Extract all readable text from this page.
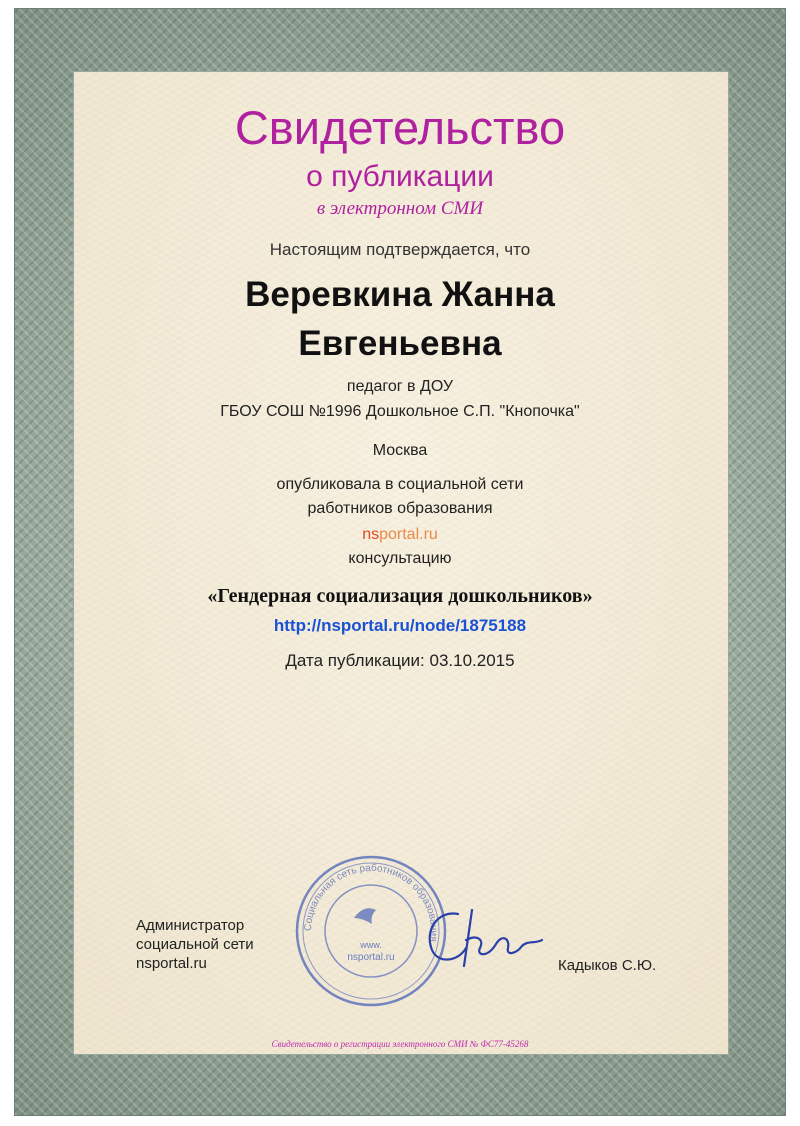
Свидетельство
о публикации
в электронном СМИ
Настоящим подтверждается, что
Веревкина Жанна
Евгеньевна
педагог в ДОУ
ГБОУ СОШ №1996 Дошкольное С.П. "Кнопочка"
Москва
опубликовала в социальной сети
работников образования
nsportal.ru
консультацию
«Гендерная социализация дошкольников»
http://nsportal.ru/node/1875188
Дата публикации: 03.10.2015
Администратор
социальной сети
nsportal.ru
Социальная сеть работников образования
www.
nsportal.ru	Кадыков С.Ю.
Свидетельство о регистрации электронного СМИ № ФС77-45268
